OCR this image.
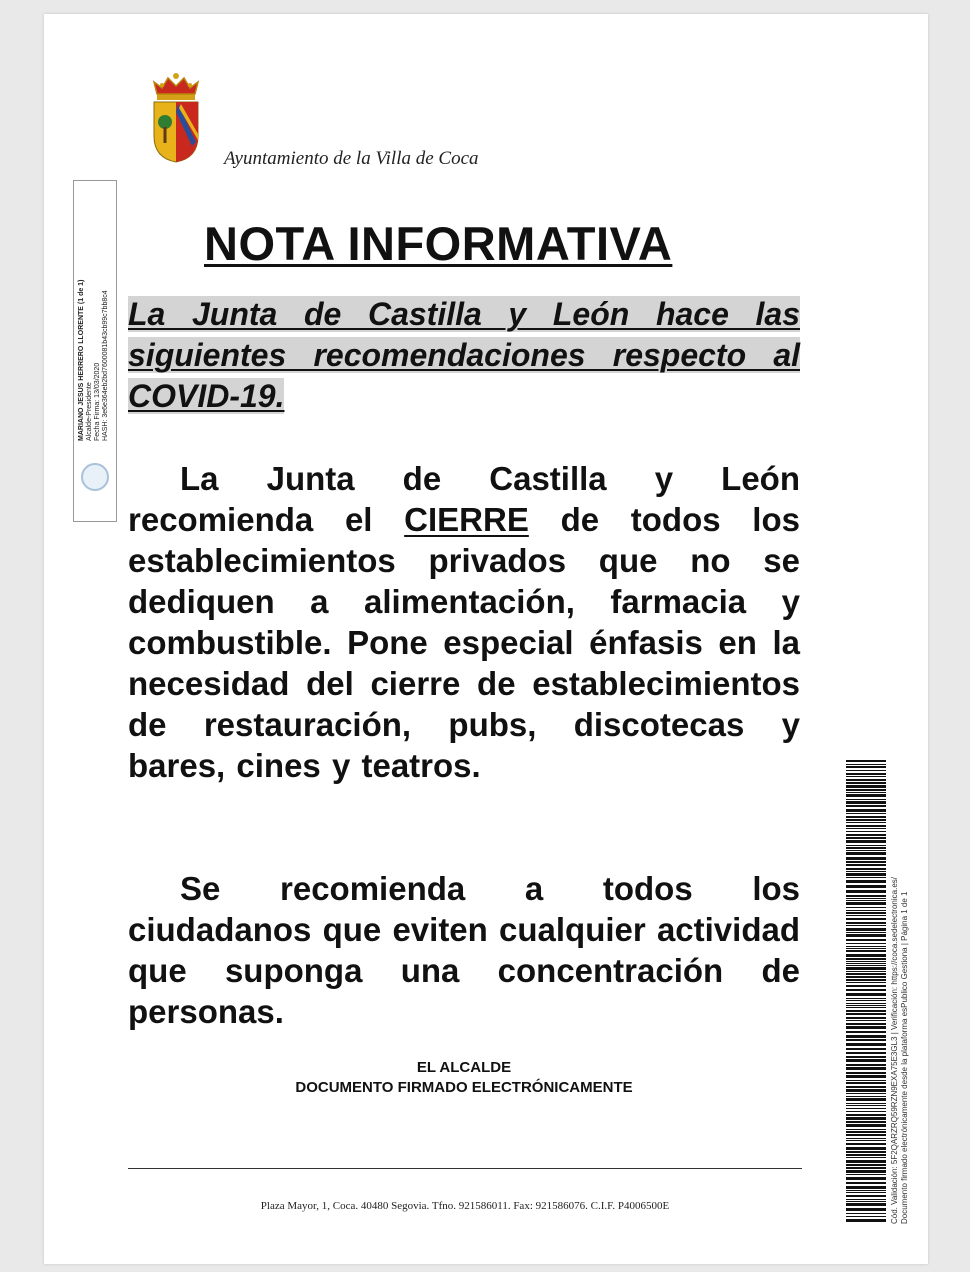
Ayuntamiento de la Villa de Coca
MARIANO JESUS HERRERO LLORENTE (1 de 1) Alcalde-Presidente Fecha Firma: 13/03/2020 HASH: 3e6e364eb2bd7600081b43cb99c7bb8c4
NOTA INFORMATIVA

La Junta de Castilla y León hace las siguientes recomendaciones respecto al COVID-19.

La Junta de Castilla y León recomienda el CIERRE de todos los establecimientos privados que no se dediquen a alimentación, farmacia y combustible. Pone especial énfasis en la necesidad del cierre de establecimientos de restauración, pubs, discotecas y bares, cines y teatros.

Se recomienda a todos los ciudadanos que eviten cualquier actividad que suponga una concentración de personas.

EL ALCALDE
DOCUMENTO FIRMADO ELECTRÓNICAMENTE
Plaza Mayor, 1, Coca. 40480 Segovia. Tfno. 921586011. Fax: 921586076. C.I.F. P4006500E	Cód. Validación: 5F2QARZRQ59RZN9EXA75E3GL3 | Verificación: https://coca.sedelectronica.es/ Documento firmado electrónicamente desde la plataforma esPublico Gestiona | Página 1 de 1
